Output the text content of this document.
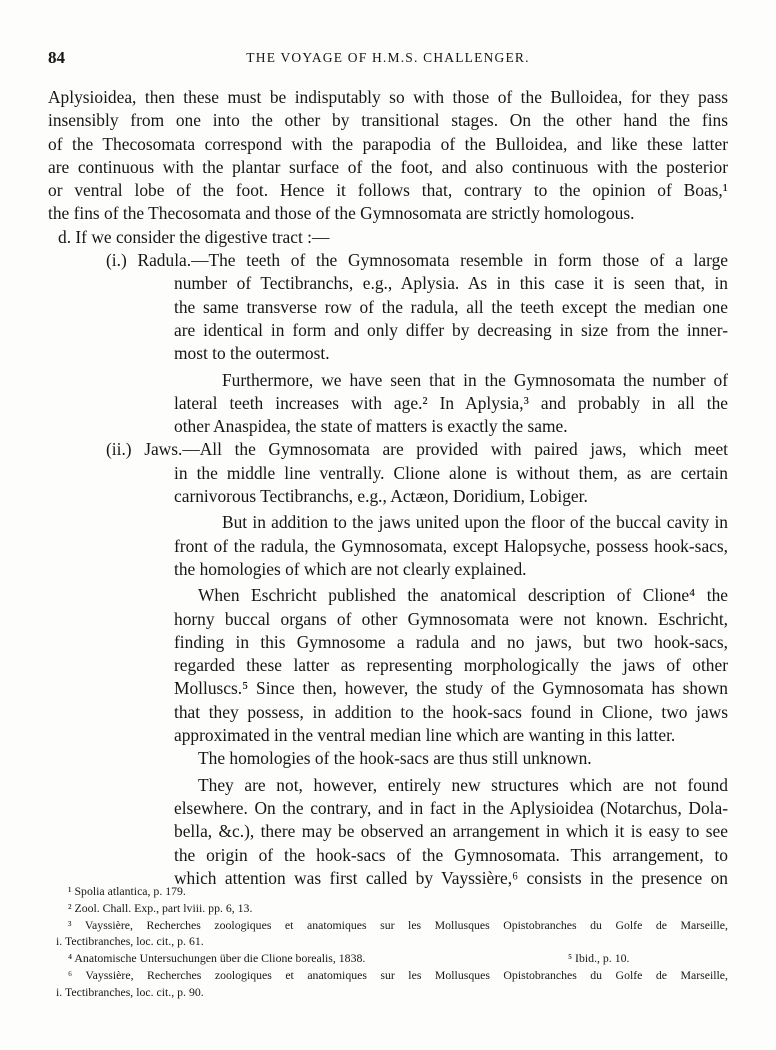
84	THE VOYAGE OF H.M.S. CHALLENGER.
Aplysioidea, then these must be indisputably so with those of the Bulloidea, for they pass
insensibly from one into the other by transitional stages. On the other hand the fins
of the Thecosomata correspond with the parapodia of the Bulloidea, and like these latter
are continuous with the plantar surface of the foot, and also continuous with the posterior
or ventral lobe of the foot. Hence it follows that, contrary to the opinion of Boas,¹
the fins of the Thecosomata and those of the Gymnosomata are strictly homologous.
d. If we consider the digestive tract :—
(i.) Radula.—The teeth of the Gymnosomata resemble in form those of a large
number of Tectibranchs, e.g., Aplysia. As in this case it is seen that, in
the same transverse row of the radula, all the teeth except the median one
are identical in form and only differ by decreasing in size from the inner-
most to the outermost.
Furthermore, we have seen that in the Gymnosomata the number of
lateral teeth increases with age.² In Aplysia,³ and probably in all the
other Anaspidea, the state of matters is exactly the same.
(ii.) Jaws.—All the Gymnosomata are provided with paired jaws, which meet
in the middle line ventrally. Clione alone is without them, as are certain
carnivorous Tectibranchs, e.g., Actæon, Doridium, Lobiger.
But in addition to the jaws united upon the floor of the buccal cavity in
front of the radula, the Gymnosomata, except Halopsyche, possess hook-sacs,
the homologies of which are not clearly explained.
When Eschricht published the anatomical description of Clione⁴ the
horny buccal organs of other Gymnosomata were not known. Eschricht,
finding in this Gymnosome a radula and no jaws, but two hook-sacs,
regarded these latter as representing morphologically the jaws of other
Molluscs.⁵ Since then, however, the study of the Gymnosomata has shown
that they possess, in addition to the hook-sacs found in Clione, two jaws
approximated in the ventral median line which are wanting in this latter.
The homologies of the hook-sacs are thus still unknown.
They are not, however, entirely new structures which are not found
elsewhere. On the contrary, and in fact in the Aplysioidea (Notarchus, Dola-
bella, &c.), there may be observed an arrangement in which it is easy to see
the origin of the hook-sacs of the Gymnosomata. This arrangement, to
which attention was first called by Vayssière,⁶ consists in the presence on
¹ Spolia atlantica, p. 179.
² Zool. Chall. Exp., part lviii. pp. 6, 13.
³ Vayssière, Recherches zoologiques et anatomiques sur les Mollusques Opistobranches du Golfe de Marseille,
i. Tectibranches, loc. cit., p. 61.
⁴ Anatomische Untersuchungen über die Clione borealis, 1838.	⁵ Ibid., p. 10.
⁶ Vayssière, Recherches zoologiques et anatomiques sur les Mollusques Opistobranches du Golfe de Marseille,
i. Tectibranches, loc. cit., p. 90.
